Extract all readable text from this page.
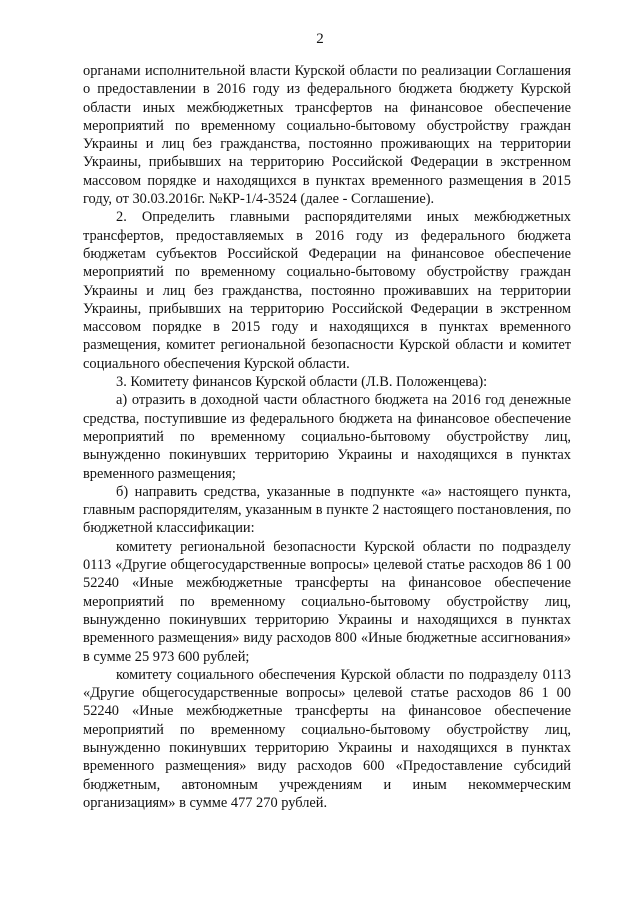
2

органами исполнительной власти Курской области по реализации Соглашения о предоставлении в 2016 году из федерального бюджета бюджету Курской области иных межбюджетных трансфертов на финансовое обеспечение мероприятий по временному социально-бытовому обустройству граждан Украины и лиц без гражданства, постоянно проживающих на территории Украины, прибывших на территорию Российской Федерации в экстренном массовом порядке и находящихся в пунктах временного размещения в 2015 году, от 30.03.2016г. №КР-1/4-3524 (далее - Соглашение).

2. Определить главными распорядителями иных межбюджетных трансфертов, предоставляемых в 2016 году из федерального бюджета бюджетам субъектов Российской Федерации на финансовое обеспечение мероприятий по временному социально-бытовому обустройству граждан Украины и лиц без гражданства, постоянно проживавших на территории Украины, прибывших на территорию Российской Федерации в экстренном массовом порядке в 2015 году и находящихся в пунктах временного размещения, комитет региональной безопасности Курской области и комитет социального обеспечения Курской области.

3. Комитету финансов Курской области (Л.В. Положенцева):

а) отразить в доходной части областного бюджета на 2016 год денежные средства, поступившие из федерального бюджета на финансовое обеспечение мероприятий по временному социально-бытовому обустройству лиц, вынужденно покинувших территорию Украины и находящихся в пунктах временного размещения;

б) направить средства, указанные в подпункте «а» настоящего пункта, главным распорядителям, указанным в пункте 2 настоящего постановления, по бюджетной классификации:

комитету региональной безопасности Курской области по подразделу 0113 «Другие общегосударственные вопросы» целевой статье расходов 86 1 00 52240 «Иные межбюджетные трансферты на финансовое обеспечение мероприятий по временному социально-бытовому обустройству лиц, вынужденно покинувших территорию Украины и находящихся в пунктах временного размещения» виду расходов 800 «Иные бюджетные ассигнования» в сумме 25 973 600 рублей;

комитету социального обеспечения Курской области по подразделу 0113 «Другие общегосударственные вопросы» целевой статье расходов 86 1 00 52240 «Иные межбюджетные трансферты на финансовое обеспечение мероприятий по временному социально-бытовому обустройству лиц, вынужденно покинувших территорию Украины и находящихся в пунктах временного размещения» виду расходов 600 «Предоставление субсидий бюджетным, автономным учреждениям и иным некоммерческим организациям» в сумме 477 270 рублей.
